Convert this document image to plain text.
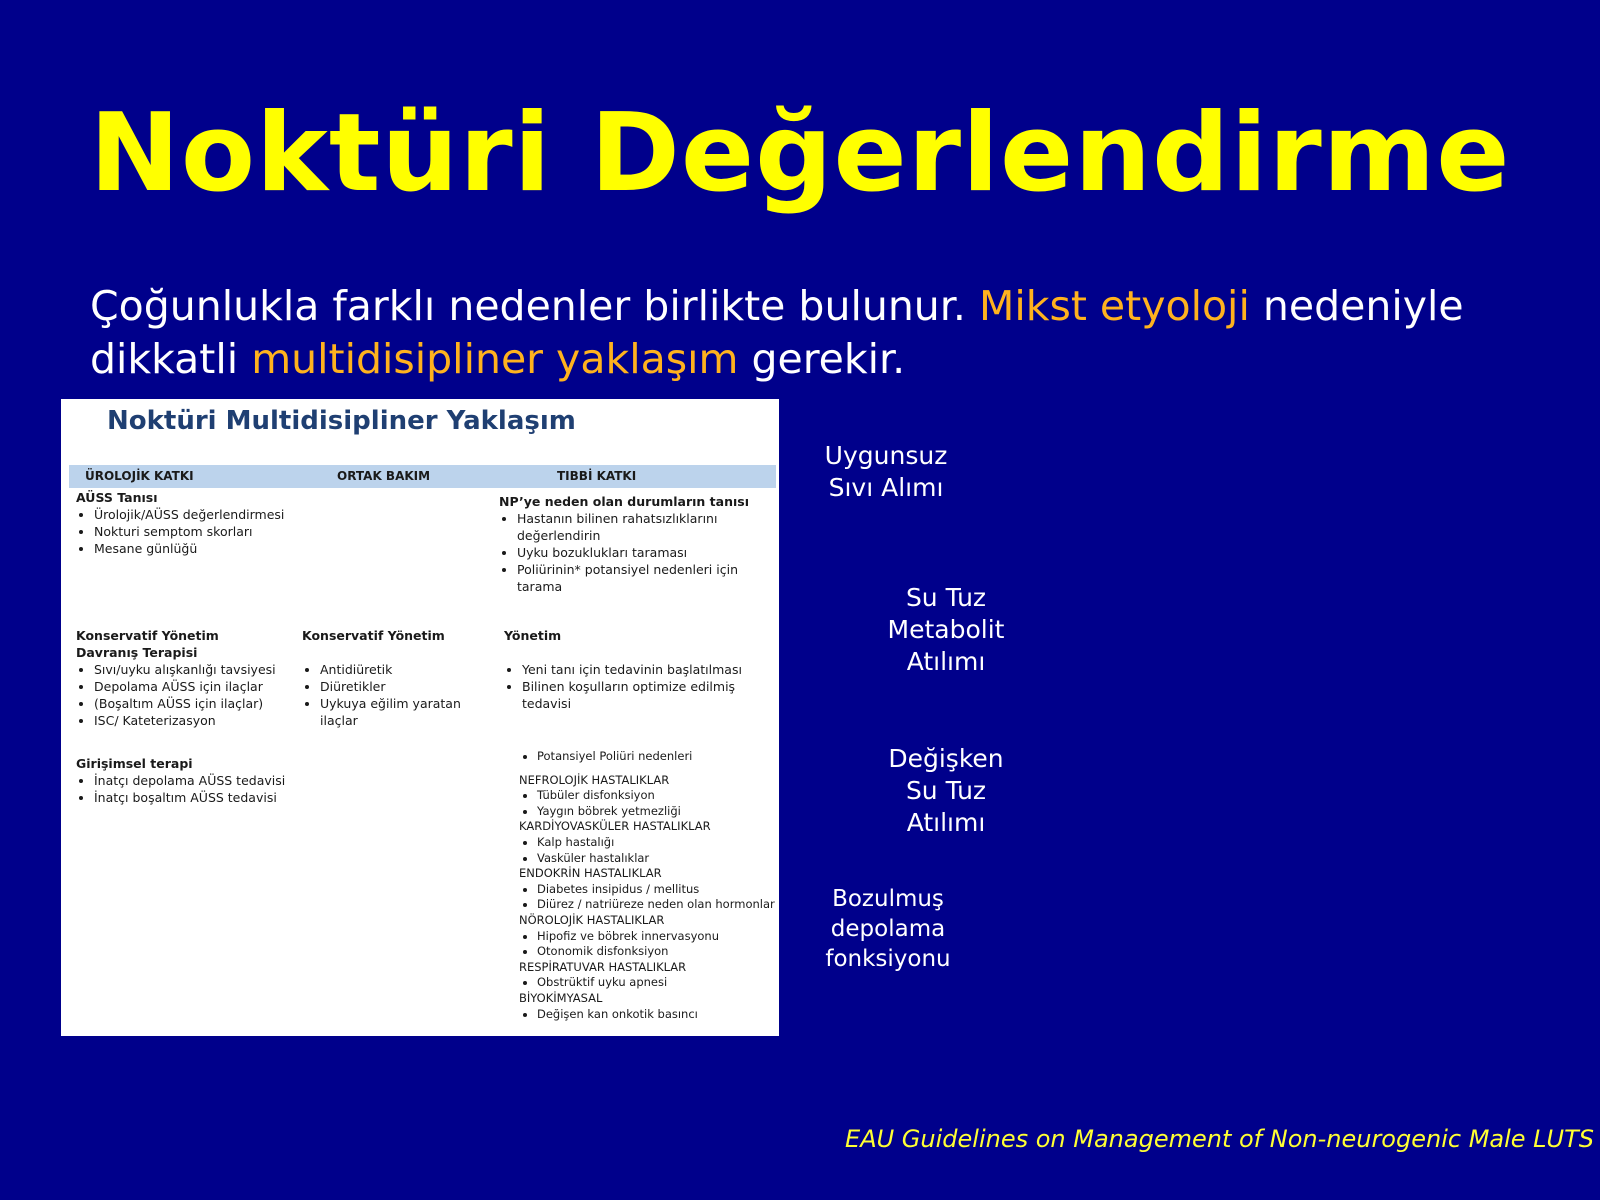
Noktüri Değerlendirme
Çoğunlukla farklı nedenler birlikte bulunur. Mikst etyoloji nedeniyle dikkatli multidisipliner yaklaşım gerekir.
Noktüri Multidisipliner Yaklaşım
ÜROLOJİK KATKI	ORTAK BAKIM	TIBBİ KATKI
AÜSS Tanısı
• Ürolojik/AÜSS değerlendirmesi
• Nokturi semptom skorları
• Mesane günlüğü
NP’ye neden olan durumların tanısı
• Hastanın bilinen rahatsızlıklarını değerlendirin
• Uyku bozuklukları taraması
• Poliürinin* potansiyel nedenleri için tarama
Konservatif Yönetim
Davranış Terapisi
• Sıvı/uyku alışkanlığı tavsiyesi
• Depolama AÜSS için ilaçlar
• (Boşaltım AÜSS için ilaçlar)
• ISC/ Kateterizasyon
Konservatif Yönetim
• Antidiüretik
• Diüretikler
• Uykuya eğilim yaratan ilaçlar
Yönetim
• Yeni tanı için tedavinin başlatılması
• Bilinen koşulların optimize edilmiş tedavisi
Girişimsel terapi
• İnatçı depolama AÜSS tedavisi
• İnatçı boşaltım AÜSS tedavisi
• Potansiyel Poliüri nedenleri
NEFROLOJİK HASTALIKLAR
• Tübüler disfonksiyon
• Yaygın böbrek yetmezliği
KARDİYOVASKÜLER HASTALIKLAR
• Kalp hastalığı
• Vasküler hastalıklar
ENDOKRİN HASTALIKLAR
• Diabetes insipidus / mellitus
• Diürez / natriüreze neden olan hormonlar
NÖROLOJİK HASTALIKLAR
• Hipofiz ve böbrek innervasyonu
• Otonomik disfonksiyon
RESPİRATUVAR HASTALIKLAR
• Obstrüktif uyku apnesi
BİYOKİMYASAL
• Değişen kan onkotik basıncı
Uygunsuz
Sıvı Alımı
Su Tuz
Metabolit
Atılımı
Değişken
Su Tuz
Atılımı
Bozulmuş
depolama
fonksiyonu
EAU Guidelines on Management of Non-neurogenic Male LUTS
